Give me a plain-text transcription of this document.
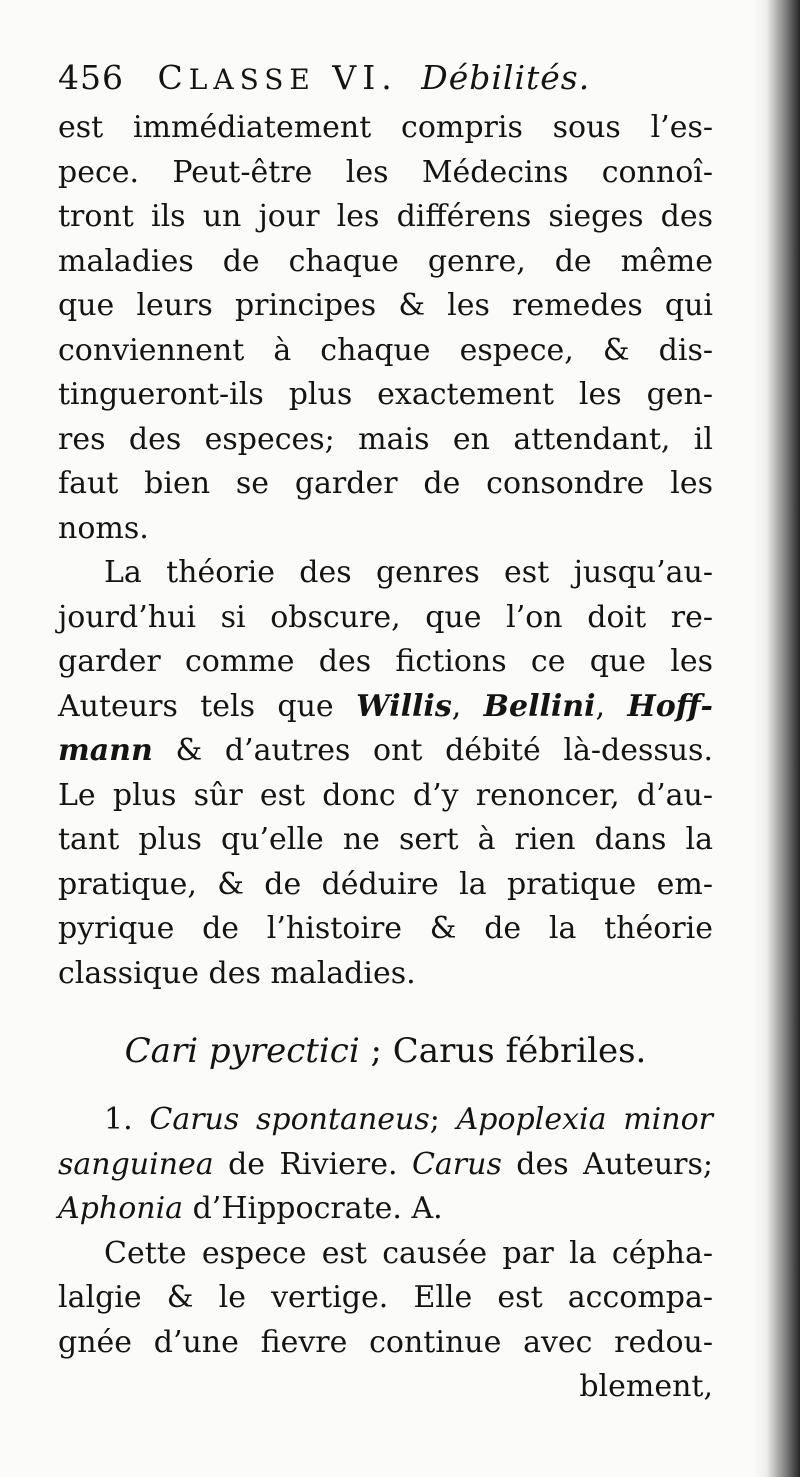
456 CLASSE VI. Débilités.
est immédiatement compris sous l’es-
pece. Peut-être les Médecins connoî-
tront ils un jour les différens sieges des
maladies de chaque genre, de même
que leurs principes & les remedes qui
conviennent à chaque espece, & dis-
tingueront-ils plus exactement les gen-
res des especes; mais en attendant, il
faut bien se garder de consondre les
noms.
La théorie des genres est jusqu’au-
jourd’hui si obscure, que l’on doit re-
garder comme des fictions ce que les
Auteurs tels que Willis, Bellini, Hoff-
mann & d’autres ont débité là-dessus.
Le plus sûr est donc d’y renoncer, d’au-
tant plus qu’elle ne sert à rien dans la
pratique, & de déduire la pratique em-
pyrique de l’histoire & de la théorie
classique des maladies.
Cari pyrectici ; Carus fébriles.
1. Carus spontaneus; Apoplexia minor
sanguinea de Riviere. Carus des Auteurs;
Aphonia d’Hippocrate. A.
Cette espece est causée par la cépha-
lalgie & le vertige. Elle est accompa-
gnée d’une fievre continue avec redou-
blement,
